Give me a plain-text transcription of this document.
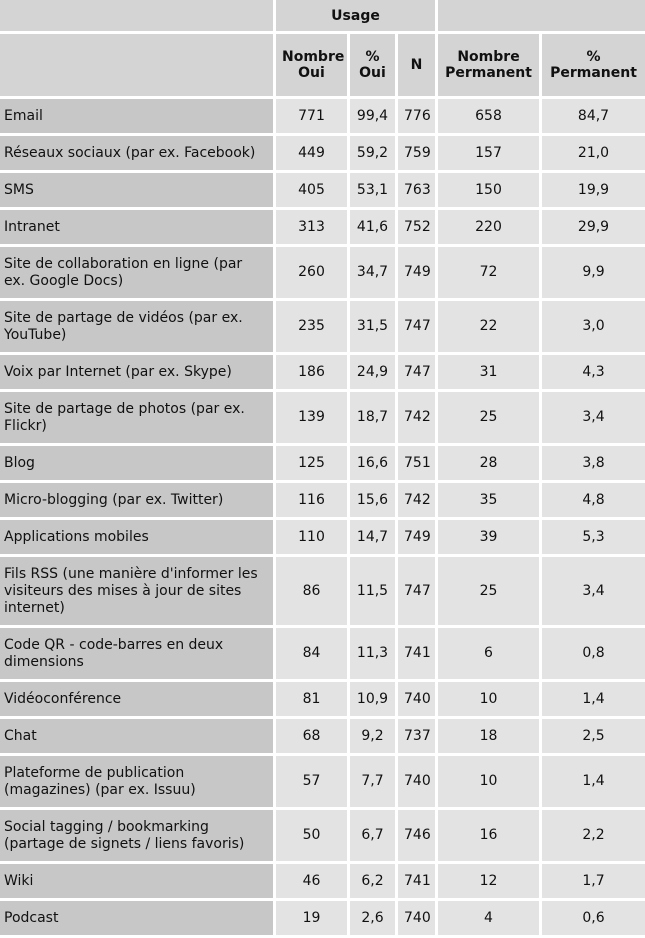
	Usage				
	Nombre Oui	% Oui	N	Nombre Permanent	% Permanent
Email	771	99,4	776	658	84,7
Réseaux sociaux (par ex. Facebook)	449	59,2	759	157	21,0
SMS	405	53,1	763	150	19,9
Intranet	313	41,6	752	220	29,9
Site de collaboration en ligne (par ex. Google Docs)	260	34,7	749	72	9,9
Site de partage de vidéos (par ex. YouTube)	235	31,5	747	22	3,0
Voix par Internet (par ex. Skype)	186	24,9	747	31	4,3
Site de partage de photos (par ex. Flickr)	139	18,7	742	25	3,4
Blog	125	16,6	751	28	3,8
Micro-blogging (par ex. Twitter)	116	15,6	742	35	4,8
Applications mobiles	110	14,7	749	39	5,3
Fils RSS (une manière d'informer les visiteurs des mises à jour de sites internet)	86	11,5	747	25	3,4
Code QR - code-barres en deux dimensions	84	11,3	741	6	0,8
Vidéoconférence	81	10,9	740	10	1,4
Chat	68	9,2	737	18	2,5
Plateforme de publication (magazines) (par ex. Issuu)	57	7,7	740	10	1,4
Social tagging / bookmarking (partage de signets / liens favoris)	50	6,7	746	16	2,2
Wiki	46	6,2	741	12	1,7
Podcast	19	2,6	740	4	0,6
